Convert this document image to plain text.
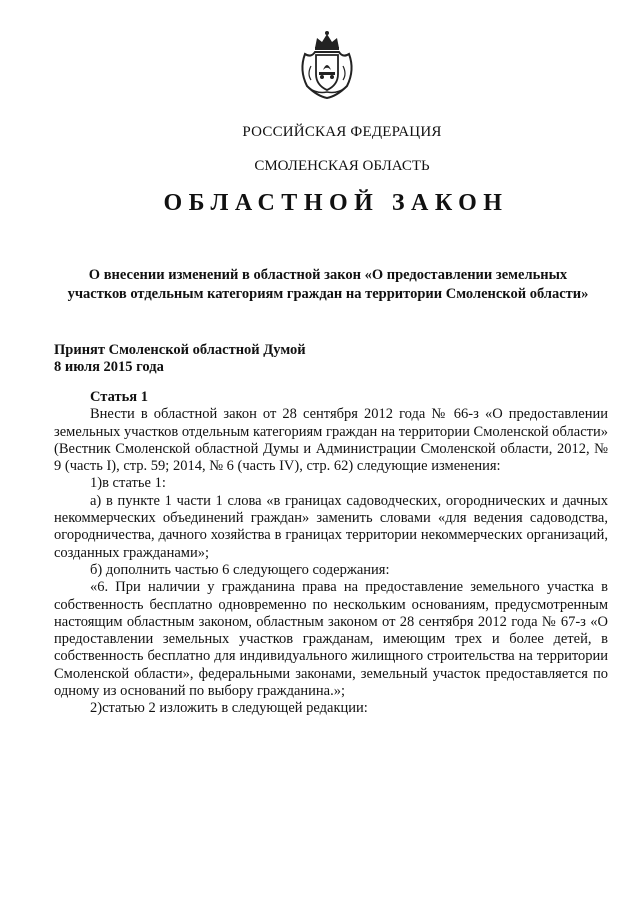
РОССИЙСКАЯ ФЕДЕРАЦИЯ
СМОЛЕНСКАЯ ОБЛАСТЬ
ОБЛАСТНОЙ ЗАКОН
О внесении изменений в областной закон «О предоставлении земельных
участков отдельным категориям граждан на территории Смоленской области»
Принят Смоленской областной Думой
8 июля 2015 года

Статья 1

Внести в областной закон от 28 сентября 2012 года № 66-з «О предоставлении земельных участков отдельным категориям граждан на территории Смоленской области» (Вестник Смоленской областной Думы и Администрации Смоленской области, 2012, № 9 (часть I), стр. 59; 2014, № 6 (часть IV), стр. 62) следующие изменения:

1)в статье 1:

а) в пункте 1 части 1 слова «в границах садоводческих, огороднических и дачных некоммерческих объединений граждан» заменить словами «для ведения садоводства, огородничества, дачного хозяйства в границах территории некоммерческих организаций, созданных гражданами»;

б) дополнить частью 6 следующего содержания:

«6. При наличии у гражданина права на предоставление земельного участка в собственность бесплатно одновременно по нескольким основаниям, предусмотренным настоящим областным законом, областным законом от 28 сентября 2012 года № 67-з «О предоставлении земельных участков гражданам, имеющим трех и более детей, в собственность бесплатно для индивидуального жилищного строительства на территории Смоленской области», федеральными законами, земельный участок предоставляется по одному из оснований по выбору гражданина.»;

2)статью 2 изложить в следующей редакции:
